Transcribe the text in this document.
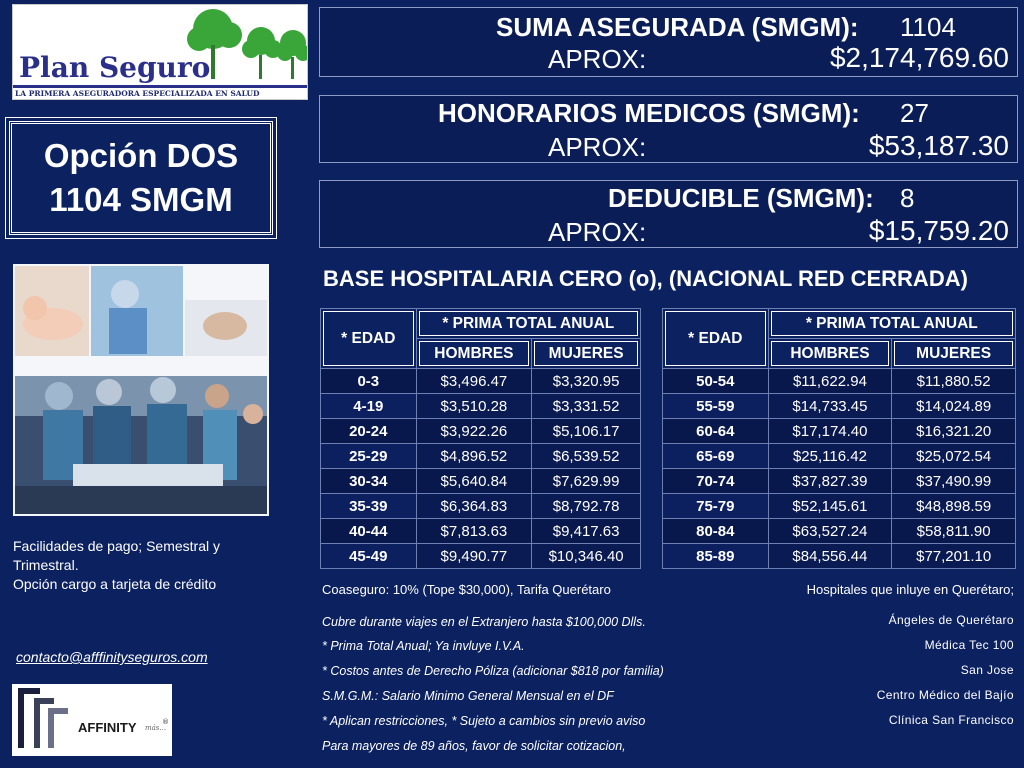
Plan Seguro
LA PRIMERA ASEGURADORA ESPECIALIZADA EN SALUD
Opción DOS
1104 SMGM
SUMA ASEGURADA (SMGM): 1104
APROX:	$2,174,769.60
HONORARIOS MEDICOS (SMGM): 27
APROX:	$53,187.30
DEDUCIBLE (SMGM): 8
APROX:	$15,759.20
BASE HOSPITALARIA CERO (o), (NACIONAL RED CERRADA)
* EDAD	* PRIMA TOTAL ANUAL	
	HOMBRES	MUJERES
0-3	$3,496.47	$3,320.95
4-19	$3,510.28	$3,331.52
20-24	$3,922.26	$5,106.17
25-29	$4,896.52	$6,539.52
30-34	$5,640.84	$7,629.99
35-39	$6,364.83	$8,792.78
40-44	$7,813.63	$9,417.63
45-49	$9,490.77	$10,346.40
* EDAD	* PRIMA TOTAL ANUAL	
	HOMBRES	MUJERES
50-54	$11,622.94	$11,880.52
55-59	$14,733.45	$14,024.89
60-64	$17,174.40	$16,321.20
65-69	$25,116.42	$25,072.54
70-74	$37,827.39	$37,490.99
75-79	$52,145.61	$48,898.59
80-84	$63,527.24	$58,811.90
85-89	$84,556.44	$77,201.10
Coaseguro: 10% (Tope $30,000), Tarifa Querétaro
Cubre durante viajes en el Extranjero hasta $100,000 Dlls.
* Prima Total Anual; Ya invluye I.V.A.
* Costos antes de Derecho Póliza (adicionar $818 por familia)
S.M.G.M.: Salario Minimo General Mensual en el DF
* Aplican restricciones, * Sujeto a cambios sin previo aviso
Para mayores de 89 años, favor de solicitar cotizacion,
Hospitales que inluye en Querétaro;
Ángeles de Querétaro
Médica Tec 100
San Jose
Centro Médico del Bajío
Clínica San Francisco
Facilidades de pago; Semestral y
Trimestral.
Opción cargo a tarjeta de crédito
contacto@afffinityseguros.com
AFFINITY más...
®
